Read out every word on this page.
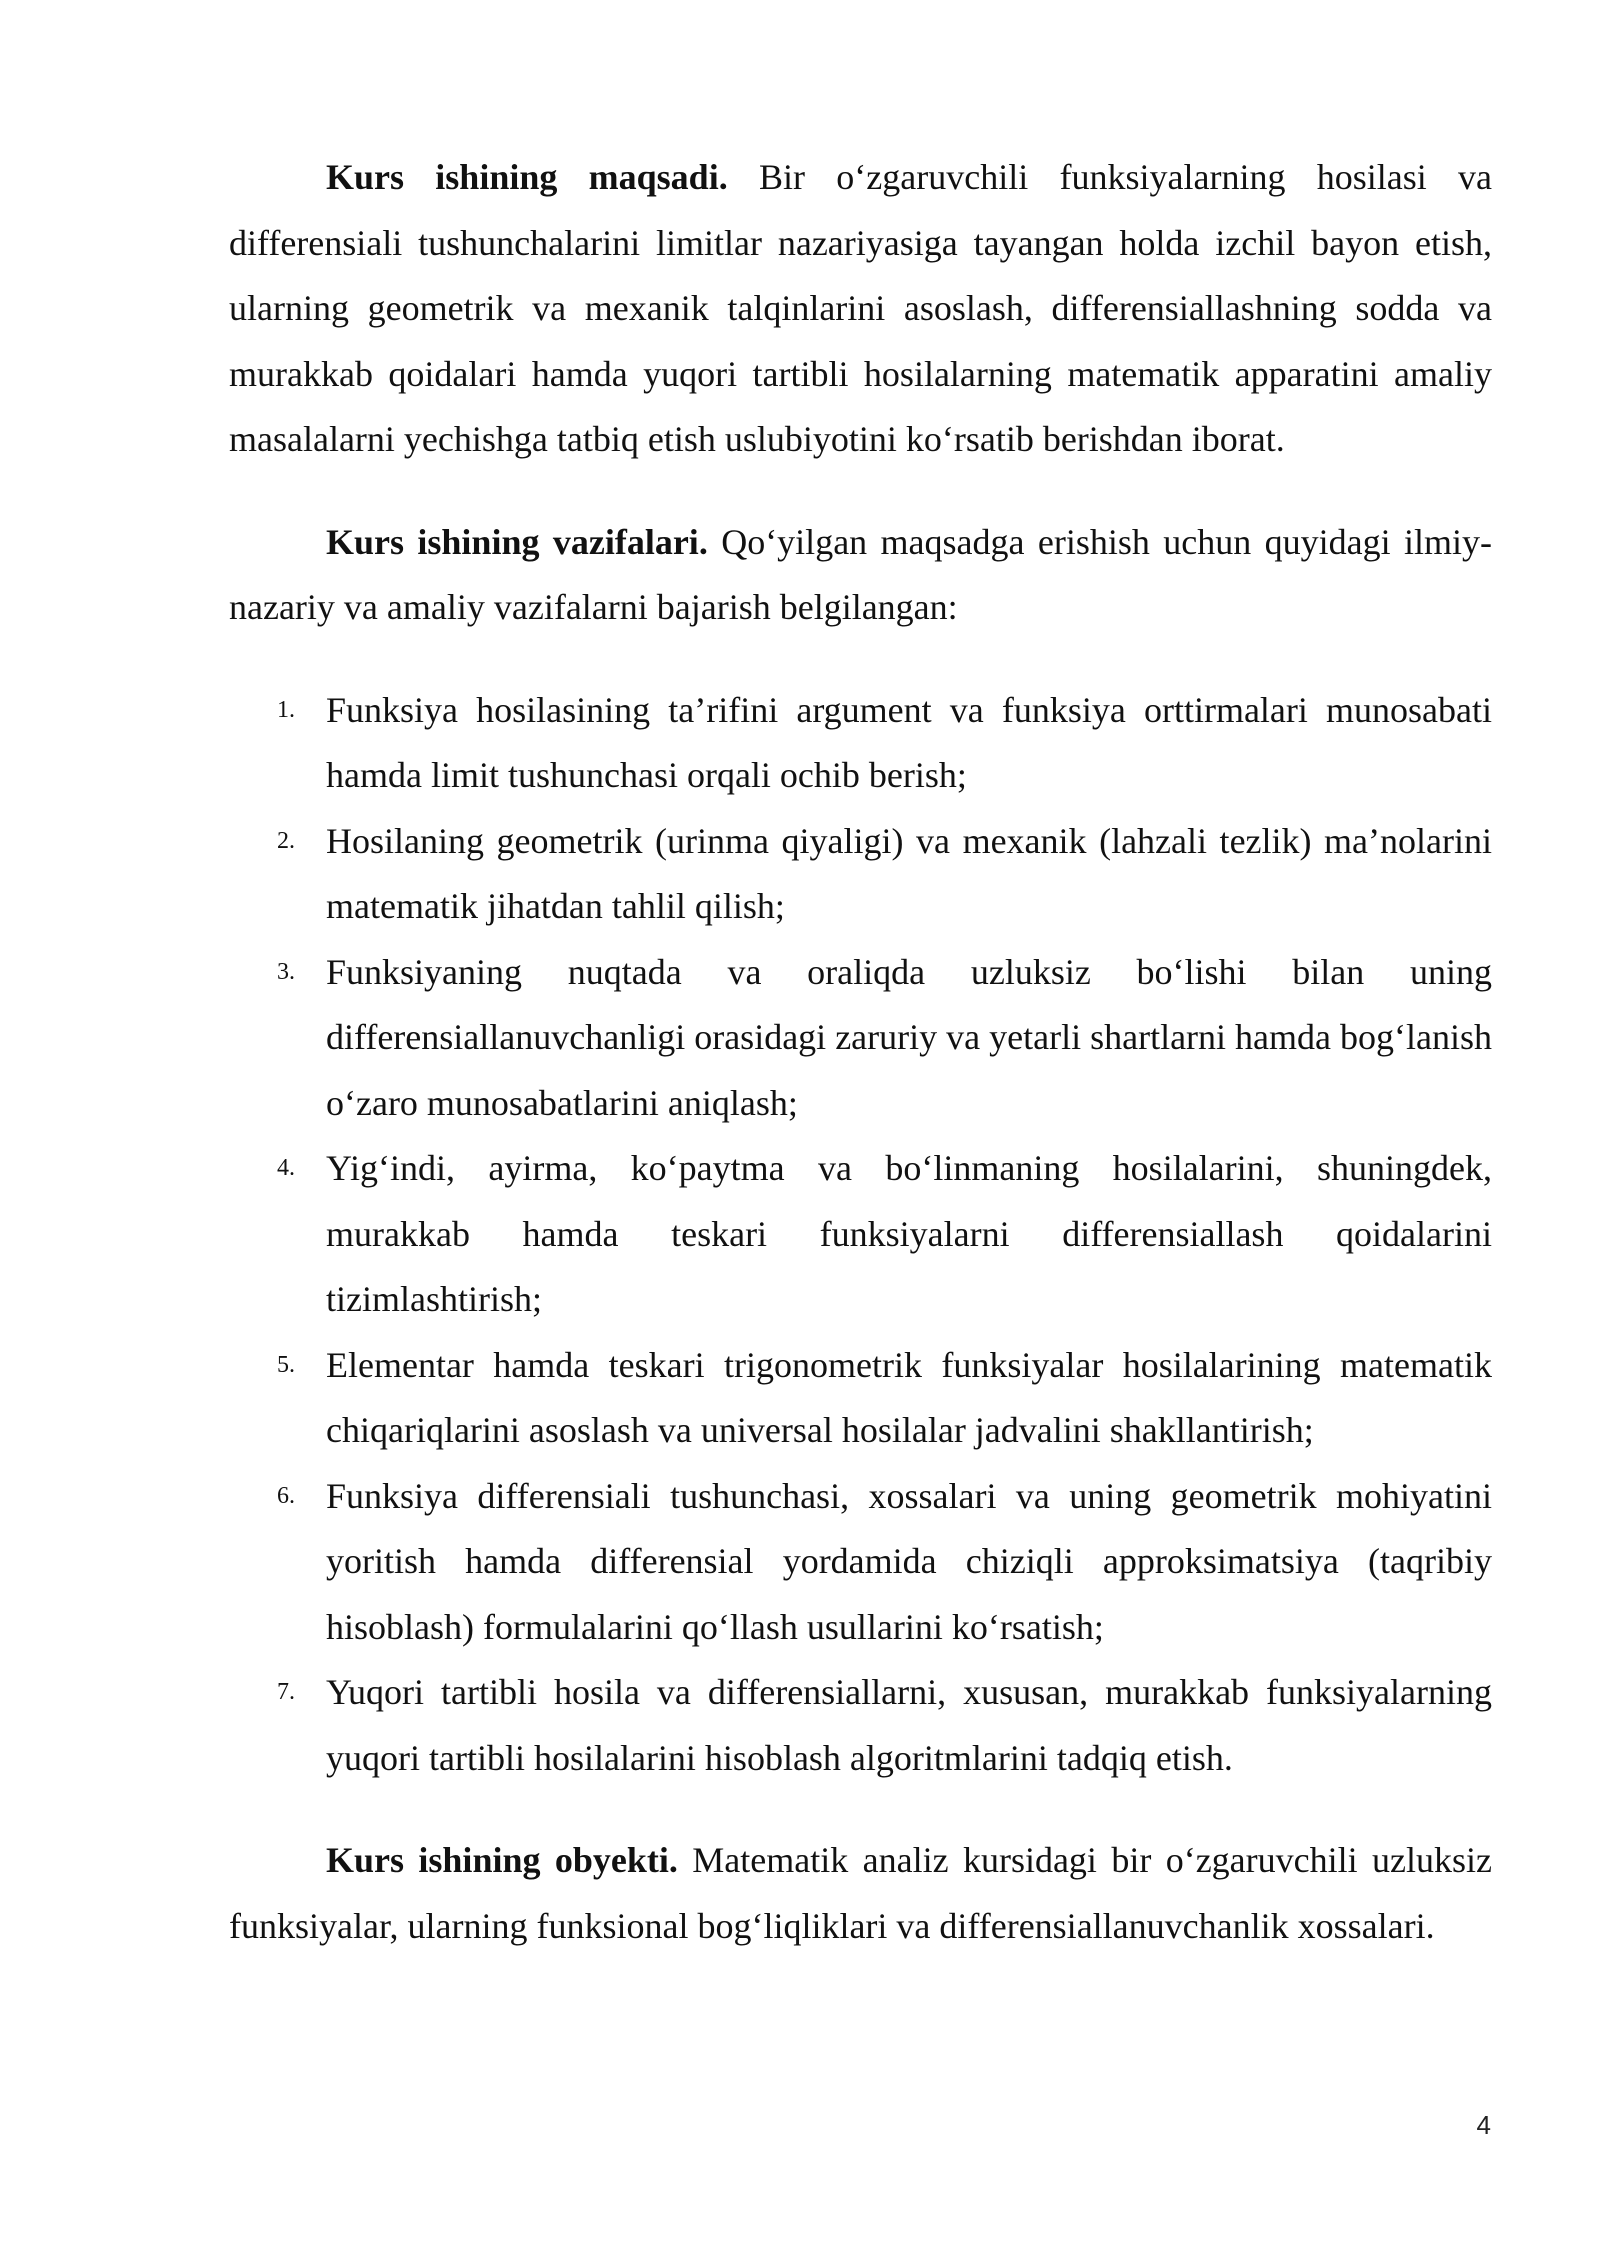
Kurs ishining maqsadi. Bir o‘zgaruvchili funksiyalarning hosilasi va differensiali tushunchalarini limitlar nazariyasiga tayangan holda izchil bayon etish, ularning geometrik va mexanik talqinlarini asoslash, differensiallashning sodda va murakkab qoidalari hamda yuqori tartibli hosilalarning matematik apparatini amaliy masalalarni yechishga tatbiq etish uslubiyotini ko‘rsatib berishdan iborat.

Kurs ishining vazifalari. Qo‘yilgan maqsadga erishish uchun quyidagi ilmiy-nazariy va amaliy vazifalarni bajarish belgilangan:

1. Funksiya hosilasining ta’rifini argument va funksiya orttirmalari munosabati hamda limit tushunchasi orqali ochib berish;
2. Hosilaning geometrik (urinma qiyaligi) va mexanik (lahzali tezlik) ma’nolarini matematik jihatdan tahlil qilish;
3. Funksiyaning nuqtada va oraliqda uzluksiz bo‘lishi bilan uning differensiallanuvchanligi orasidagi zaruriy va yetarli shartlarni hamda bog‘lanish o‘zaro munosabatlarini aniqlash;
4. Yig‘indi, ayirma, ko‘paytma va bo‘linmaning hosilalarini, shuningdek, murakkab hamda teskari funksiyalarni differensiallash qoidalarini tizimlashtirish;
5. Elementar hamda teskari trigonometrik funksiyalar hosilalarining matematik chiqariqlarini asoslash va universal hosilalar jadvalini shakllantirish;
6. Funksiya differensiali tushunchasi, xossalari va uning geometrik mohiyatini yoritish hamda differensial yordamida chiziqli approksimatsiya (taqribiy hisoblash) formulalarini qo‘llash usullarini ko‘rsatish;
7. Yuqori tartibli hosila va differensiallarni, xususan, murakkab funksiyalarning yuqori tartibli hosilalarini hisoblash algoritmlarini tadqiq etish.

Kurs ishining obyekti. Matematik analiz kursidagi bir o‘zgaruvchili uzluksiz funksiyalar, ularning funksional bog‘liqliklari va differensiallanuvchanlik xossalari.

4
